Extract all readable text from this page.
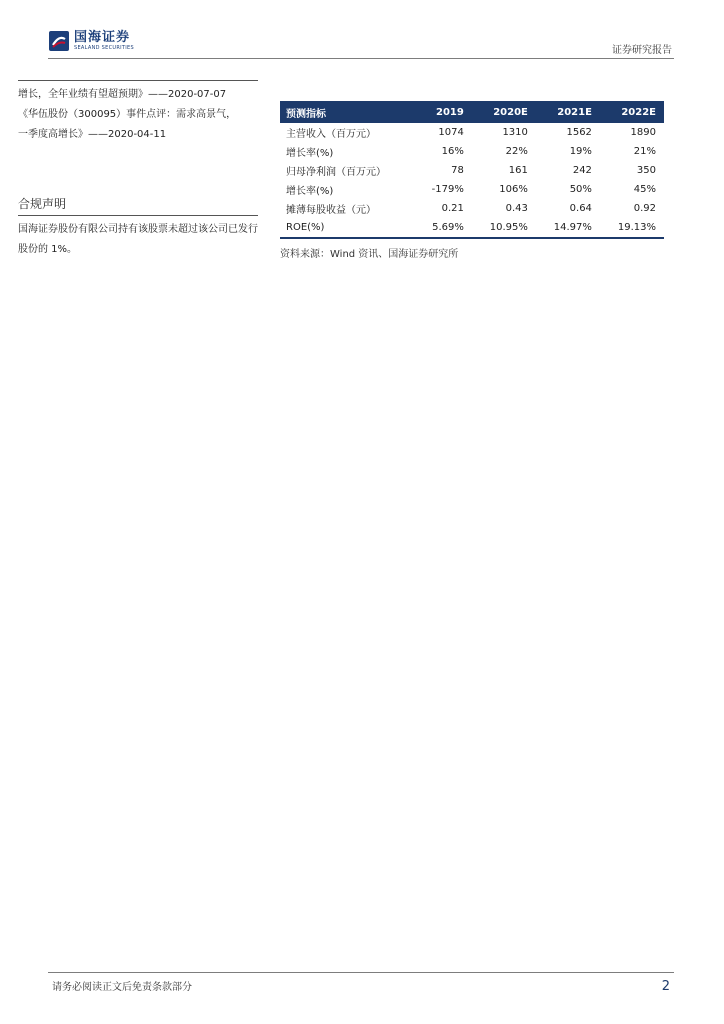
国海证券
SEALAND SECURITIES	证券研究报告

增长，全年业绩有望超预期》——2020-07-07

《华伍股份（300095）事件点评：需求高景气，

一季度高增长》——2020-04-11

合规声明

国海证券股份有限公司持有该股票未超过该公司已发行股份的 1%。

预测指标	2019	2020E	2021E	2022E
主营收入（百万元）	1074	1310	1562	1890
增长率(%)	16%	22%	19%	21%
归母净利润（百万元）	78	161	242	350
增长率(%)	-179%	106%	50%	45%
摊薄每股收益（元）	0.21	0.43	0.64	0.92
ROE(%)	5.69%	10.95%	14.97%	19.13%
资料来源：Wind 资讯、国海证券研究所
请务必阅读正文后免责条款部分	2
